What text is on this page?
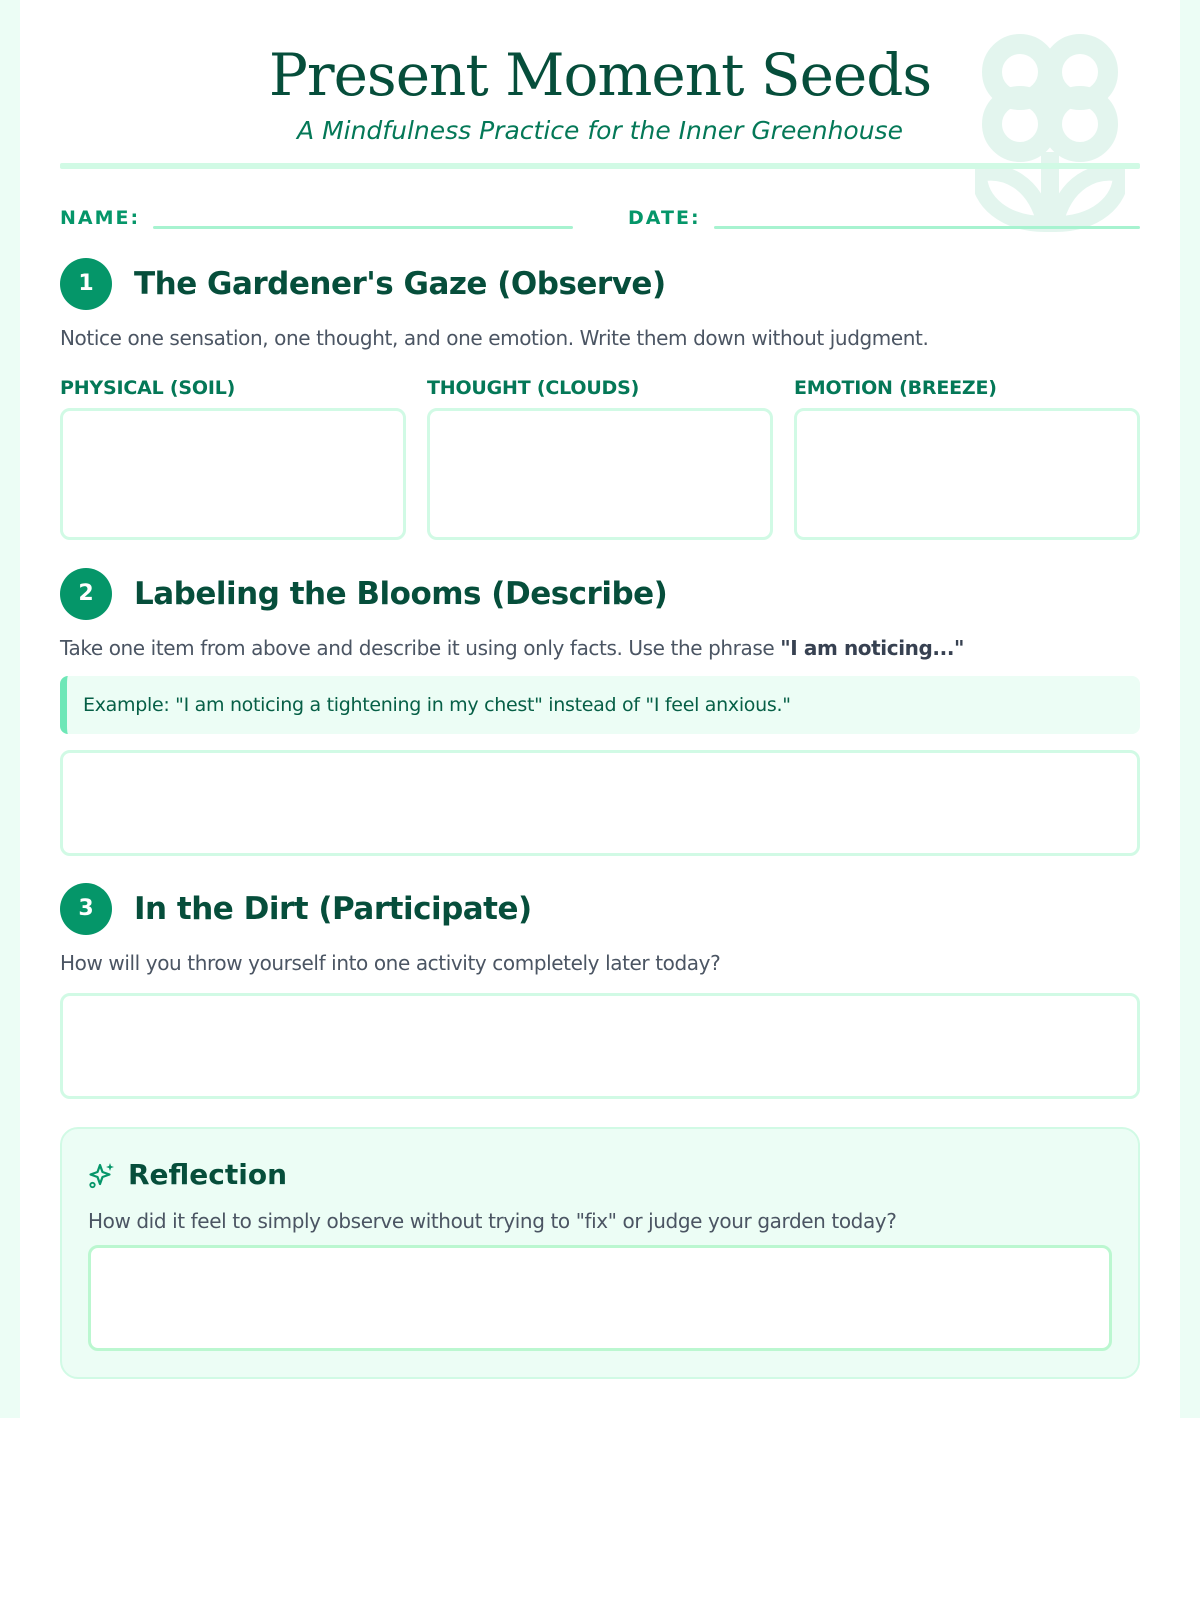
Present Moment Seeds
A Mindfulness Practice for the Inner Greenhouse
NAME:	DATE:
1	The Gardener's Gaze (Observe)
Notice one sensation, one thought, and one emotion. Write them down without judgment.
PHYSICAL (SOIL)	THOUGHT (CLOUDS)	EMOTION (BREEZE)
2	Labeling the Blooms (Describe)
Take one item from above and describe it using only facts. Use the phrase "I am noticing..."
Example: "I am noticing a tightening in my chest" instead of "I feel anxious."
3	In the Dirt (Participate)
How will you throw yourself into one activity completely later today?
Reflection
How did it feel to simply observe without trying to "fix" or judge your garden today?
